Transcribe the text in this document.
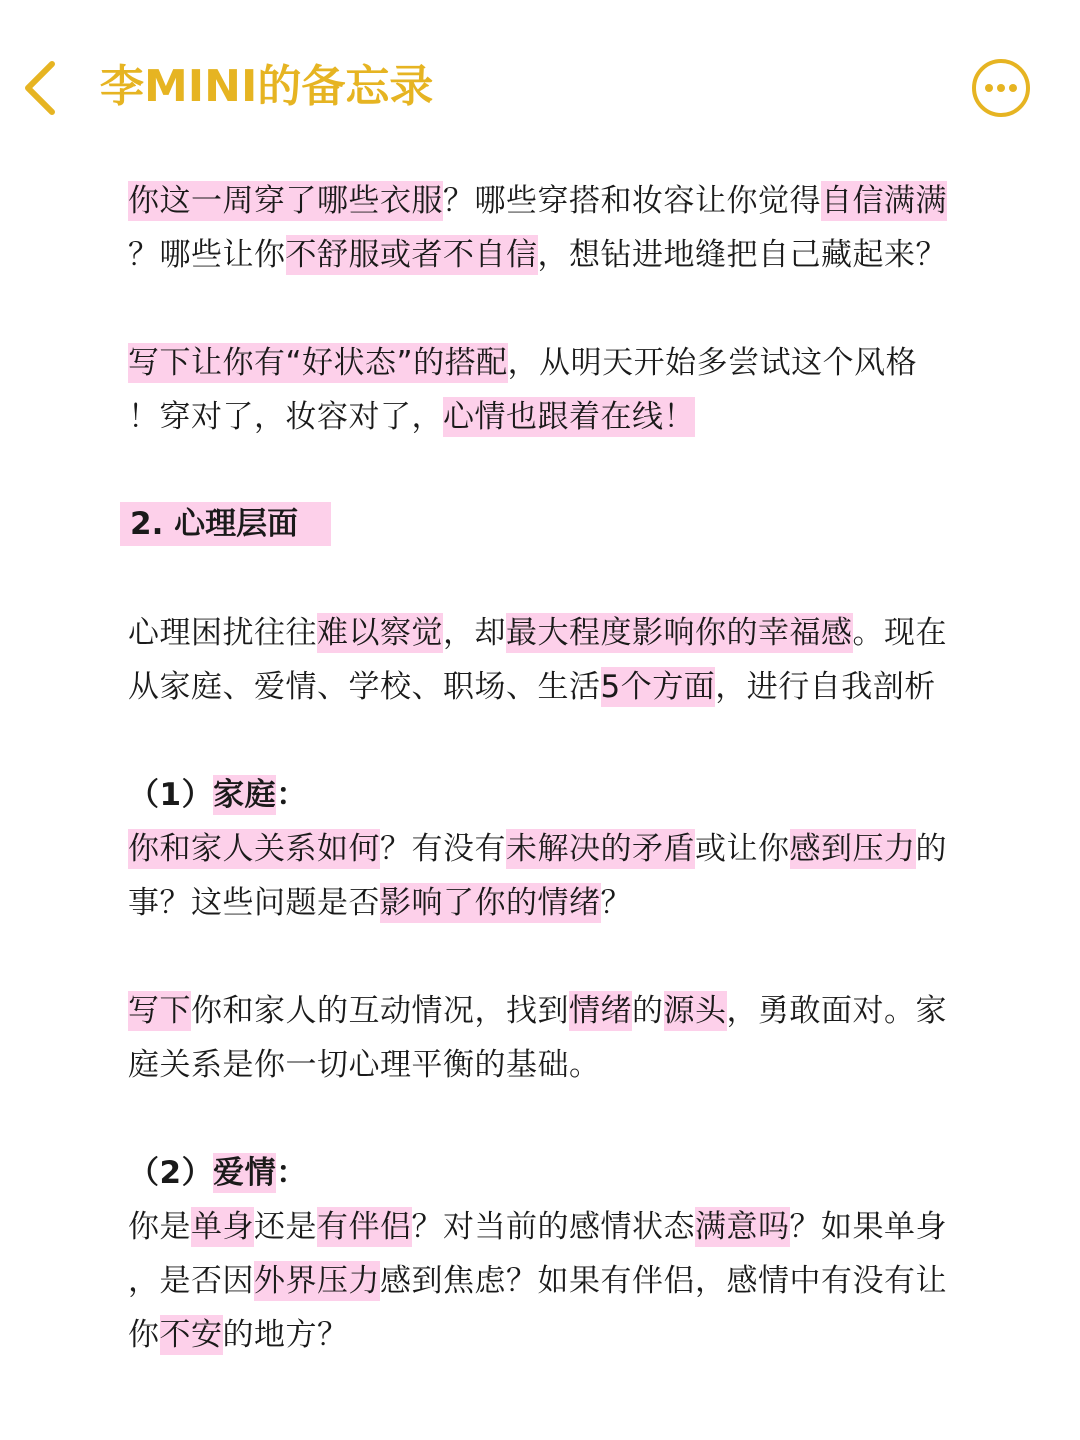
李MINI的备忘录
2. 心理层面
你这一周穿了哪些衣服？哪些穿搭和妆容让你觉得自信满满
？哪些让你不舒服或者不自信，想钻进地缝把自己藏起来？
写下让你有“好状态”的搭配，从明天开始多尝试这个风格
！穿对了，妆容对了，心情也跟着在线！
心理困扰往往难以察觉，却最大程度影响你的幸福感。现在
从家庭、爱情、学校、职场、生活5个方面，进行自我剖析
（1）家庭：
你和家人关系如何？有没有未解决的矛盾或让你感到压力的
事？这些问题是否影响了你的情绪？
写下你和家人的互动情况，找到情绪的源头，勇敢面对。家
庭关系是你一切心理平衡的基础。
（2）爱情：
你是单身还是有伴侣？对当前的感情状态满意吗？如果单身
，是否因外界压力感到焦虑？如果有伴侣，感情中有没有让
你不安的地方？
